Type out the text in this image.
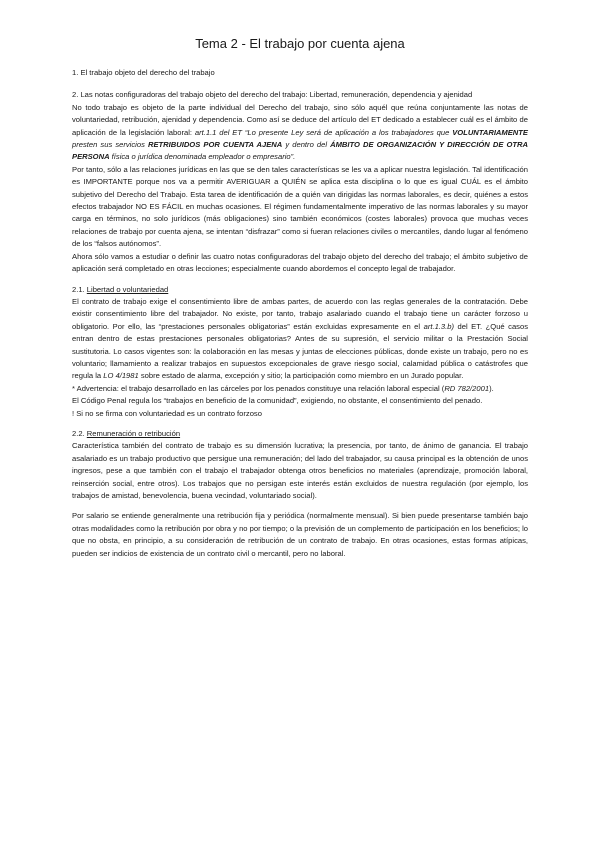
Tema 2 - El trabajo por cuenta ajena
1. El trabajo objeto del derecho del trabajo
2. Las notas configuradoras del trabajo objeto del derecho del trabajo: Libertad, remuneración, dependencia y ajenidad

No todo trabajo es objeto de la parte individual del Derecho del trabajo, sino sólo aquél que reúna conjuntamente las notas de voluntariedad, retribución, ajenidad y dependencia. Como así se deduce del artículo del ET dedicado a establecer cuál es el ámbito de aplicación de la legislación laboral: art.1.1 del ET “Lo presente Ley será de aplicación a los trabajadores que VOLUNTARIAMENTE presten sus servicios RETRIBUIDOS POR CUENTA AJENA y dentro del ÁMBITO DE ORGANIZACIÓN Y DIRECCIÓN DE OTRA PERSONA física o jurídica denominada empleador o empresario”.

Por tanto, sólo a las relaciones jurídicas en las que se den tales características se les va a aplicar nuestra legislación. Tal identificación es IMPORTANTE porque nos va a permitir AVERIGUAR a QUIÉN se aplica esta disciplina o lo que es igual CUÁL es el ámbito subjetivo del Derecho del Trabajo. Esta tarea de identificación de a quién van dirigidas las normas laborales, es decir, quiénes a estos efectos trabajador NO ES FÁCIL en muchas ocasiones. El régimen fundamentalmente imperativo de las normas laborales y su mayor carga en términos, no solo jurídicos (más obligaciones) sino también económicos (costes laborales) provoca que muchas veces relaciones de trabajo por cuenta ajena, se intentan “disfrazar” como si fueran relaciones civiles o mercantiles, dando lugar al fenómeno de los “falsos autónomos”.

Ahora sólo vamos a estudiar o definir las cuatro notas configuradoras del trabajo objeto del derecho del trabajo; el ámbito subjetivo de aplicación será completado en otras lecciones; especialmente cuando abordemos el concepto legal de trabajador.

2.1. Libertad o voluntariedad

El contrato de trabajo exige el consentimiento libre de ambas partes, de acuerdo con las reglas generales de la contratación. Debe existir consentimiento libre del trabajador. No existe, por tanto, trabajo asalariado cuando el trabajo tiene un carácter forzoso u obligatorio. Por ello, las “prestaciones personales obligatorias” están excluidas expresamente en el art.1.3.b) del ET. ¿Qué casos entran dentro de estas prestaciones personales obligatorias? Antes de su supresión, el servicio militar o la Prestación Social sustitutoria. Lo casos vigentes son: la colaboración en las mesas y juntas de elecciones públicas, donde existe un trabajo, pero no es voluntario; llamamiento a realizar trabajos en supuestos excepcionales de grave riesgo social, calamidad pública o catástrofes que regula la LO 4/1981 sobre estado de alarma, excepción y sitio; la participación como miembro en un Jurado popular.

* Advertencia: el trabajo desarrollado en las cárceles por los penados constituye una relación laboral especial (RD 782/2001).

El Código Penal regula los “trabajos en beneficio de la comunidad”, exigiendo, no obstante, el consentimiento del penado.

! Si no se firma con voluntariedad es un contrato forzoso

2.2. Remuneración o retribución

Característica también del contrato de trabajo es su dimensión lucrativa; la presencia, por tanto, de ánimo de ganancia. El trabajo asalariado es un trabajo productivo que persigue una remuneración; del lado del trabajador, su causa principal es la obtención de unos ingresos, pese a que también con el trabajo el trabajador obtenga otros beneficios no materiales (aprendizaje, promoción laboral, reinserción social, entre otros). Los trabajos que no persigan este interés están excluidos de nuestra regulación (por ejemplo, los trabajos de amistad, benevolencia, buena vecindad, voluntariado social).

Por salario se entiende generalmente una retribución fija y periódica (normalmente mensual). Si bien puede presentarse también bajo otras modalidades como la retribución por obra y no por tiempo; o la previsión de un complemento de participación en los beneficios; lo que no obsta, en principio, a su consideración de retribución de un contrato de trabajo. En otras ocasiones, estas formas atípicas, pueden ser indicios de existencia de un contrato civil o mercantil, pero no laboral.
